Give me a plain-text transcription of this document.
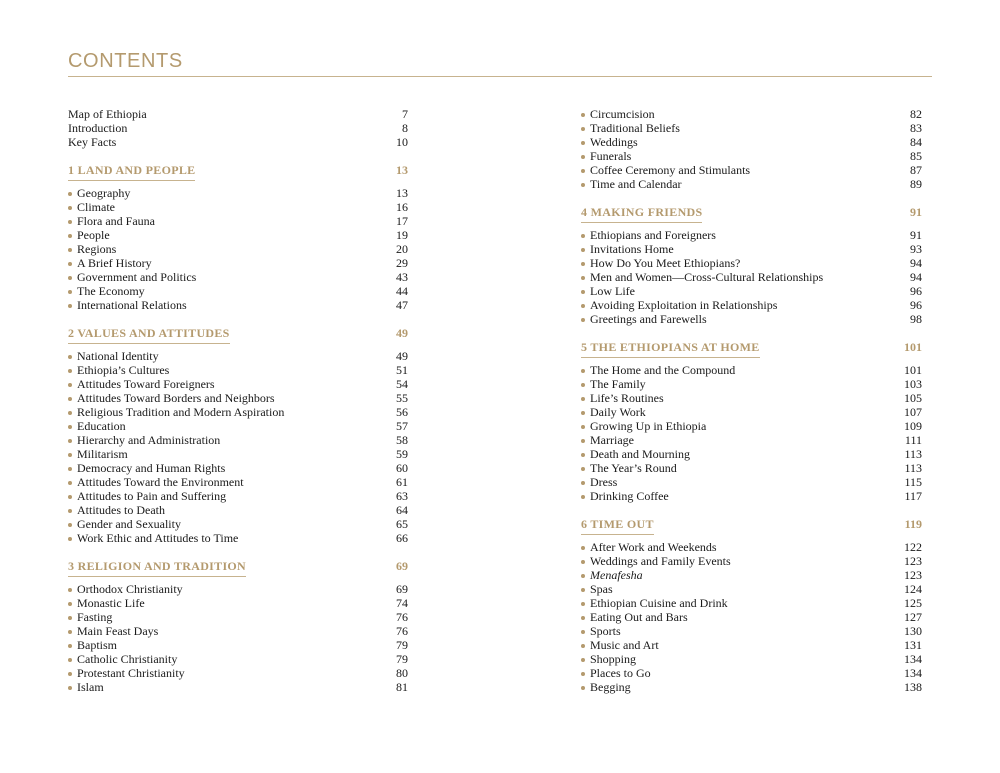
CONTENTS
Map of Ethiopia	7
Introduction	8
Key Facts	10
1 LAND AND PEOPLE	13
Geography	13
Climate	16
Flora and Fauna	17
People	19
Regions	20
A Brief History	29
Government and Politics	43
The Economy	44
International Relations	47
2 VALUES AND ATTITUDES	49
National Identity	49
Ethiopia’s Cultures	51
Attitudes Toward Foreigners	54
Attitudes Toward Borders and Neighbors	55
Religious Tradition and Modern Aspiration	56
Education	57
Hierarchy and Administration	58
Militarism	59
Democracy and Human Rights	60
Attitudes Toward the Environment	61
Attitudes to Pain and Suffering	63
Attitudes to Death	64
Gender and Sexuality	65
Work Ethic and Attitudes to Time	66
3 RELIGION AND TRADITION	69
Orthodox Christianity	69
Monastic Life	74
Fasting	76
Main Feast Days	76
Baptism	79
Catholic Christianity	79
Protestant Christianity	80
Islam	81
Circumcision	82
Traditional Beliefs	83
Weddings	84
Funerals	85
Coffee Ceremony and Stimulants	87
Time and Calendar	89
4 MAKING FRIENDS	91
Ethiopians and Foreigners	91
Invitations Home	93
How Do You Meet Ethiopians?	94
Men and Women—Cross-Cultural Relationships	94
Low Life	96
Avoiding Exploitation in Relationships	96
Greetings and Farewells	98
5 THE ETHIOPIANS AT HOME	101
The Home and the Compound	101
The Family	103
Life’s Routines	105
Daily Work	107
Growing Up in Ethiopia	109
Marriage	111
Death and Mourning	113
The Year’s Round	113
Dress	115
Drinking Coffee	117
6 TIME OUT	119
After Work and Weekends	122
Weddings and Family Events	123
Menafesha	123
Spas	124
Ethiopian Cuisine and Drink	125
Eating Out and Bars	127
Sports	130
Music and Art	131
Shopping	134
Places to Go	134
Begging	138
